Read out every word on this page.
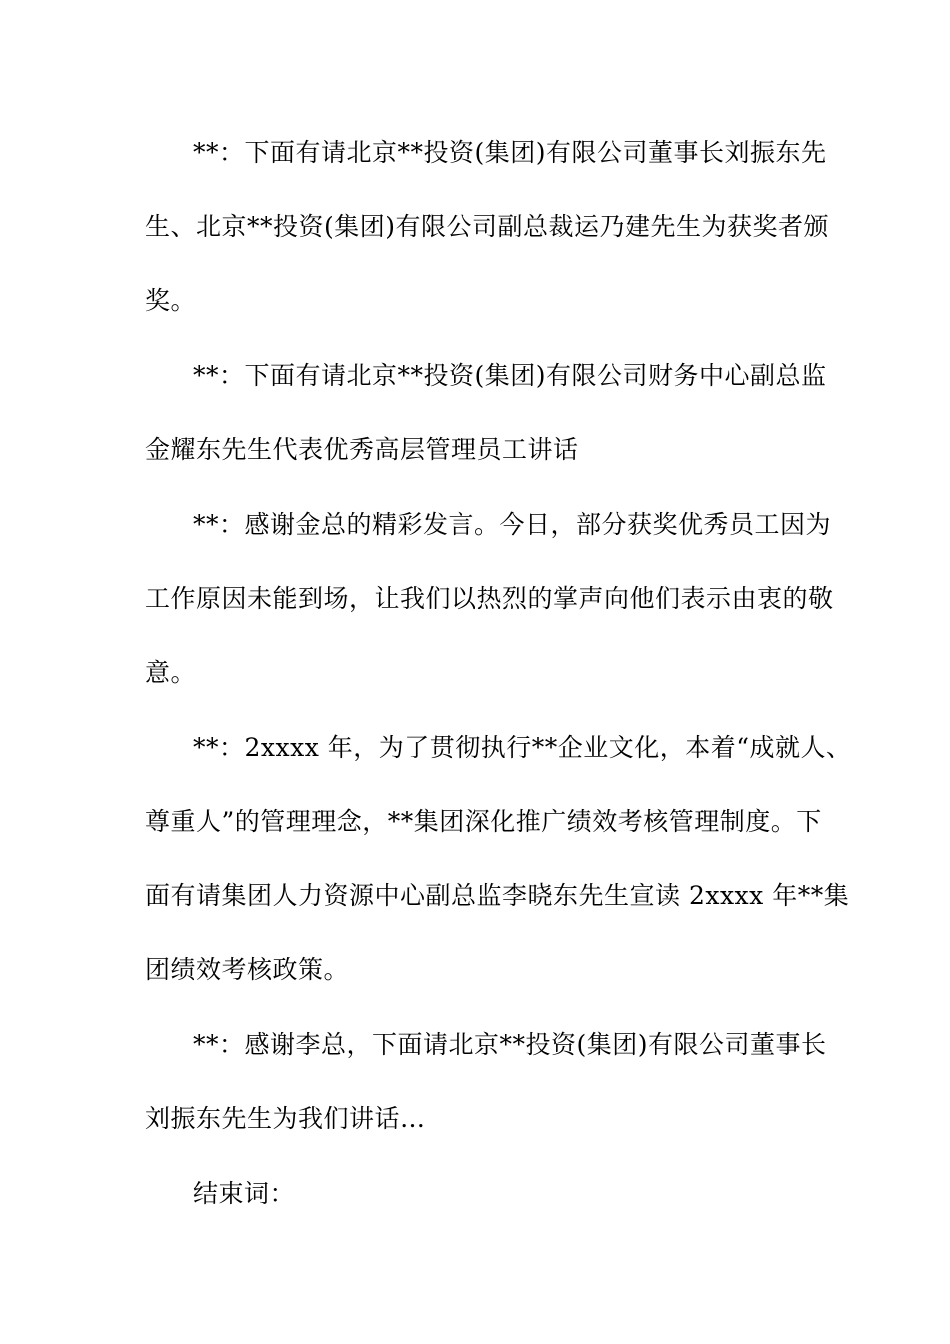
**：下面有请北京**投资(集团)有限公司董事长刘振东先
生、北京**投资(集团)有限公司副总裁运乃建先生为获奖者颁
奖。
**：下面有请北京**投资(集团)有限公司财务中心副总监
金耀东先生代表优秀高层管理员工讲话
**：感谢金总的精彩发言。今日，部分获奖优秀员工因为
工作原因未能到场，让我们以热烈的掌声向他们表示由衷的敬
意。
**：2xxxx 年，为了贯彻执行**企业文化，本着“成就人、
尊重人”的管理理念，**集团深化推广绩效考核管理制度。下
面有请集团人力资源中心副总监李晓东先生宣读 2xxxx 年**集
团绩效考核政策。
**：感谢李总，下面请北京**投资(集团)有限公司董事长
刘振东先生为我们讲话…
结束词：
